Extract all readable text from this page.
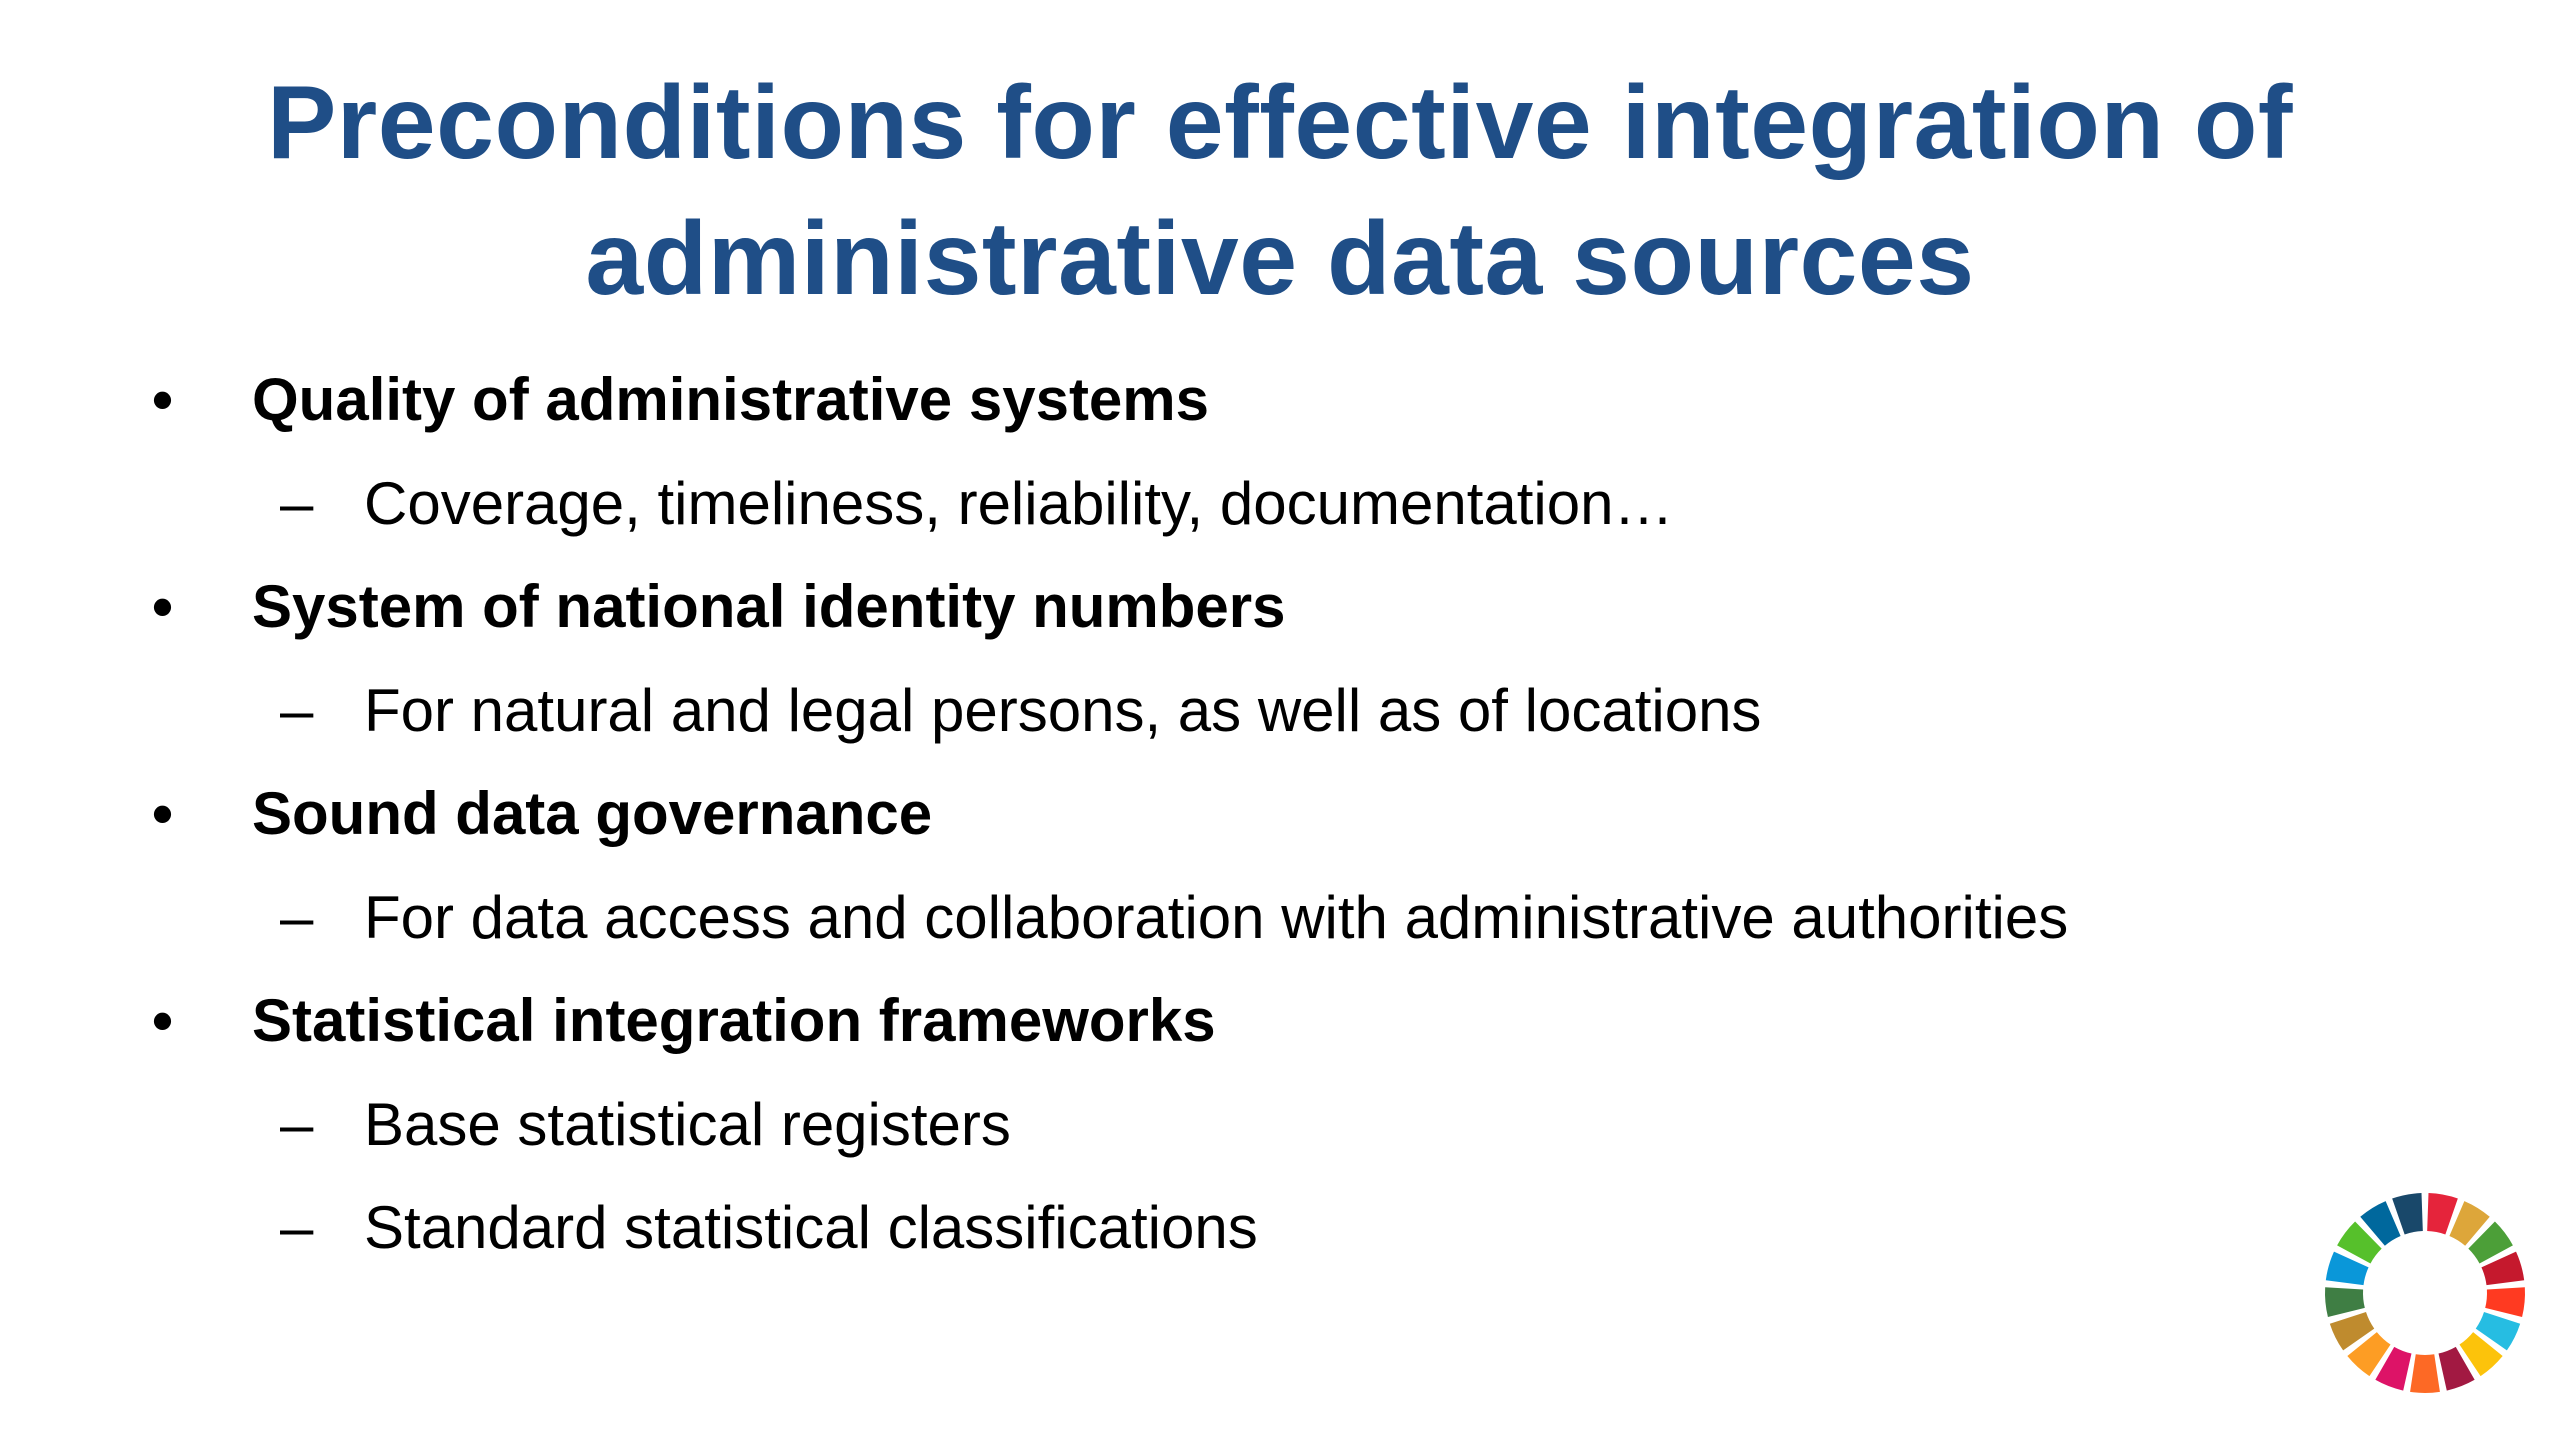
Preconditions for effective integration of
administrative data sources
• Quality of administrative systems
– Coverage, timeliness, reliability, documentation…
• System of national identity numbers
– For natural and legal persons, as well as of locations
• Sound data governance
– For data access and collaboration with administrative authorities
• Statistical integration frameworks
– Base statistical registers
– Standard statistical classifications
